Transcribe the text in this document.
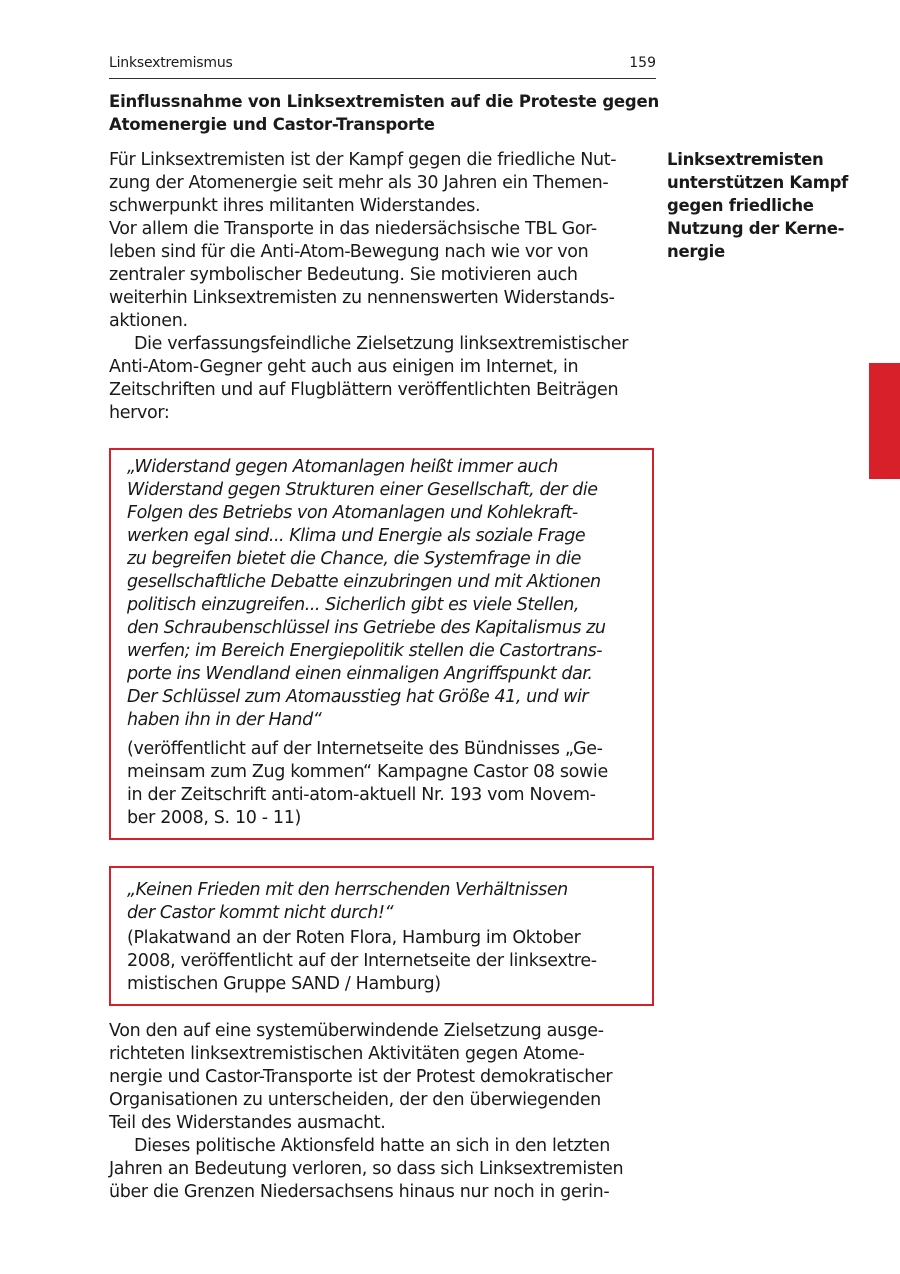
Linksextremismus	159
Einflussnahme von Linksextremisten auf die Proteste gegen
Atomenergie und Castor-Transporte
Linksextremisten
unterstützen Kampf
gegen friedliche
Nutzung der Kerne-
nergie
Für Linksextremisten ist der Kampf gegen die friedliche Nut-
zung der Atomenergie seit mehr als 30 Jahren ein Themen-
schwerpunkt ihres militanten Widerstandes.
Vor allem die Transporte in das niedersächsische TBL Gor-
leben sind für die Anti-Atom-Bewegung nach wie vor von
zentraler symbolischer Bedeutung. Sie motivieren auch
weiterhin Linksextremisten zu nennenswerten Widerstands-
aktionen.
Die verfassungsfeindliche Zielsetzung linksextremistischer
Anti-Atom-Gegner geht auch aus einigen im Internet, in
Zeitschriften und auf Flugblättern veröffentlichten Beiträgen
hervor:
„Widerstand gegen Atomanlagen heißt immer auch
Widerstand gegen Strukturen einer Gesellschaft, der die
Folgen des Betriebs von Atomanlagen und Kohlekraft-
werken egal sind... Klima und Energie als soziale Frage
zu begreifen bietet die Chance, die Systemfrage in die
gesellschaftliche Debatte einzubringen und mit Aktionen
politisch einzugreifen... Sicherlich gibt es viele Stellen,
den Schraubenschlüssel ins Getriebe des Kapitalismus zu
werfen; im Bereich Energiepolitik stellen die Castortrans-
porte ins Wendland einen einmaligen Angriffspunkt dar.
Der Schlüssel zum Atomausstieg hat Größe 41, und wir
haben ihn in der Hand“
(veröffentlicht auf der Internetseite des Bündnisses „Ge-
meinsam zum Zug kommen“ Kampagne Castor 08 sowie
in der Zeitschrift anti-atom-aktuell Nr. 193 vom Novem-
ber 2008, S. 10 - 11)
„Keinen Frieden mit den herrschenden Verhältnissen
der Castor kommt nicht durch!“
(Plakatwand an der Roten Flora, Hamburg im Oktober
2008, veröffentlicht auf der Internetseite der linksextre-
mistischen Gruppe SAND / Hamburg)
Von den auf eine systemüberwindende Zielsetzung ausge-
richteten linksextremistischen Aktivitäten gegen Atome-
nergie und Castor-Transporte ist der Protest demokratischer
Organisationen zu unterscheiden, der den überwiegenden
Teil des Widerstandes ausmacht.
Dieses politische Aktionsfeld hatte an sich in den letzten
Jahren an Bedeutung verloren, so dass sich Linksextremisten
über die Grenzen Niedersachsens hinaus nur noch in gerin-
